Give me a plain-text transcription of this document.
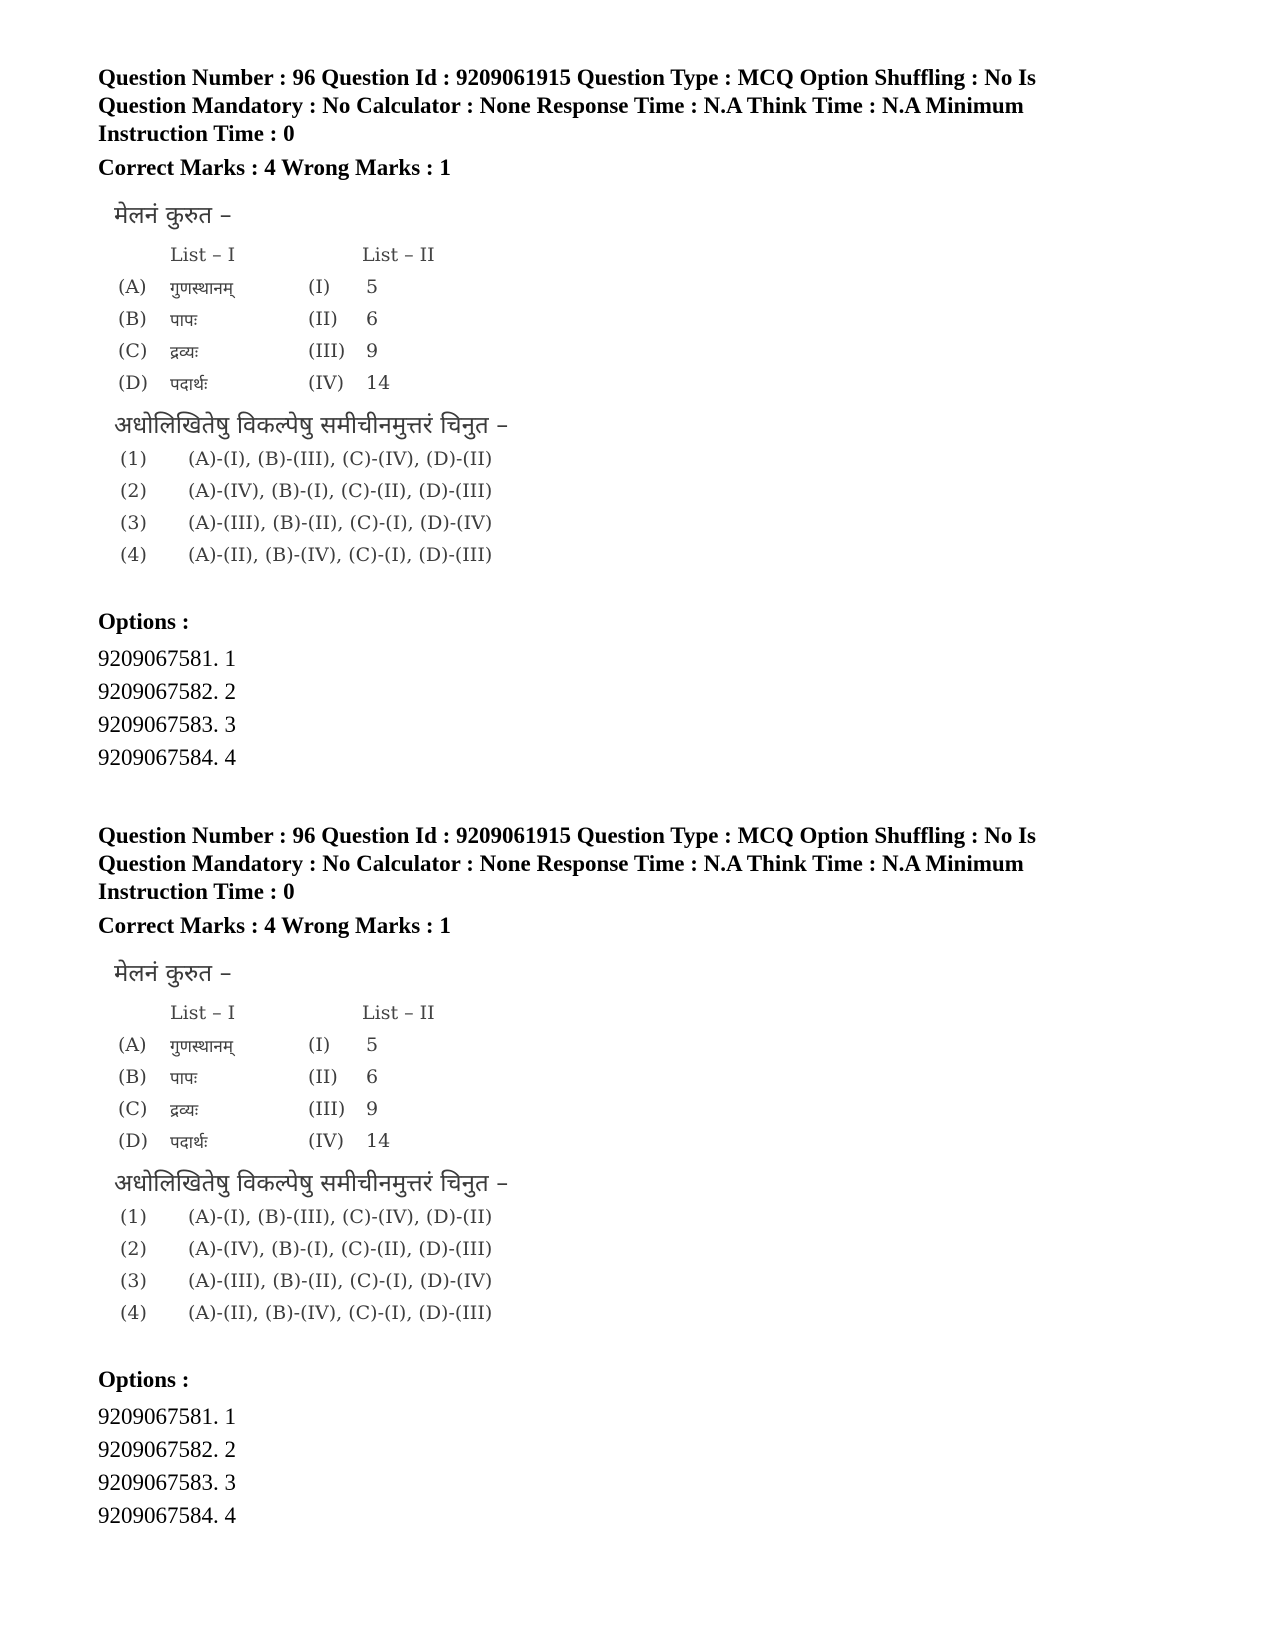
Question Number : 96 Question Id : 9209061915 Question Type : MCQ Option Shuffling : No Is
Question Mandatory : No Calculator : None Response Time : N.A Think Time : N.A Minimum
Instruction Time : 0
Correct Marks : 4 Wrong Marks : 1
मेलनं कुरुत –
List – I	List – II
(A) गुणस्थानम्	(I) 5
(B) पापः	(II) 6
(C) द्रव्यः	(III) 9
(D) पदार्थः	(IV) 14
अधोलिखितेषु विकल्पेषु समीचीनमुत्तरं चिनुत –
(1) (A)-(I), (B)-(III), (C)-(IV), (D)-(II)
(2) (A)-(IV), (B)-(I), (C)-(II), (D)-(III)
(3) (A)-(III), (B)-(II), (C)-(I), (D)-(IV)
(4) (A)-(II), (B)-(IV), (C)-(I), (D)-(III)
Options :
9209067581. 1
9209067582. 2
9209067583. 3
9209067584. 4
Question Number : 96 Question Id : 9209061915 Question Type : MCQ Option Shuffling : No Is
Question Mandatory : No Calculator : None Response Time : N.A Think Time : N.A Minimum
Instruction Time : 0
Correct Marks : 4 Wrong Marks : 1
मेलनं कुरुत –
List – I	List – II
(A) गुणस्थानम्	(I) 5
(B) पापः	(II) 6
(C) द्रव्यः	(III) 9
(D) पदार्थः	(IV) 14
अधोलिखितेषु विकल्पेषु समीचीनमुत्तरं चिनुत –
(1) (A)-(I), (B)-(III), (C)-(IV), (D)-(II)
(2) (A)-(IV), (B)-(I), (C)-(II), (D)-(III)
(3) (A)-(III), (B)-(II), (C)-(I), (D)-(IV)
(4) (A)-(II), (B)-(IV), (C)-(I), (D)-(III)
Options :
9209067581. 1
9209067582. 2
9209067583. 3
9209067584. 4
